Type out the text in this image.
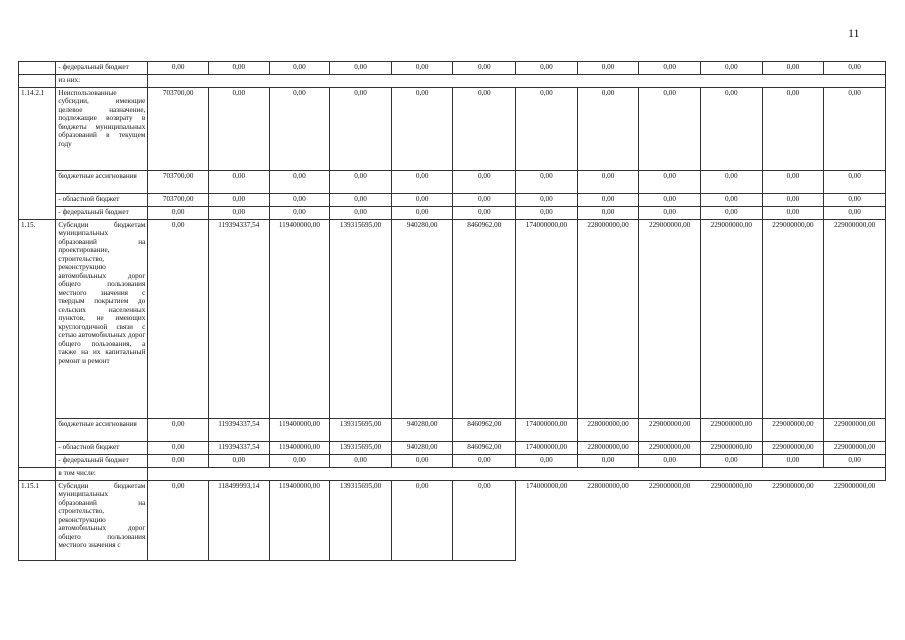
11
	- федеральный бюджет	0,00	0,00	0,00	0,00	0,00	0,00	0,00	0,00	0,00	0,00	0,00	0,00
	из них:												
1.14.2.1	Неиспользованные субсидии, имеющие целевое назначение, подлежащие возврату в бюджеты муниципальных образований в текущем году	703700,00	0,00	0,00	0,00	0,00	0,00	0,00	0,00	0,00	0,00	0,00	0,00
	бюджетные ассигнования	703700,00	0,00	0,00	0,00	0,00	0,00	0,00	0,00	0,00	0,00	0,00	0,00
	- областной бюджет	703700,00	0,00	0,00	0,00	0,00	0,00	0,00	0,00	0,00	0,00	0,00	0,00
	- федеральный бюджет	0,00	0,00	0,00	0,00	0,00	0,00	0,00	0,00	0,00	0,00	0,00	0,00
1.15.	Субсидии бюджетам муниципальных образований на проектирование, строительство, реконструкцию автомобильных дорог общего пользования местного значения с твердым покрытием до сельских населенных пунктов, не имеющих круглогодичной связи с сетью автомобильных дорог общего пользования, а также на их капитальный ремонт и ремонт	0,00	119394337,54	119400000,00	139315695,00	940280,00	8460962,00	174000000,00	228000000,00	229000000,00	229000000,00	229000000,00	229000000,00
	бюджетные ассигнования	0,00	119394337,54	119400000,00	139315695,00	940280,00	8460962,00	174000000,00	228000000,00	229000000,00	229000000,00	229000000,00	229000000,00
	- областной бюджет	0,00	119394337,54	119400000,00	139315695,00	940280,00	8460962,00	174000000,00	228000000,00	229000000,00	229000000,00	229000000,00	229000000,00
	- федеральный бюджет	0,00	0,00	0,00	0,00	0,00	0,00	0,00	0,00	0,00	0,00	0,00	0,00
	в том числе:												
1.15.1	Субсидии бюджетам муниципальных образований на строительство, реконструкцию автомобильных дорог общего пользования местного значения с	0,00	118499993,14	119400000,00	139315695,00	0,00	0,00	174000000,00	228000000,00	229000000,00	229000000,00	229000000,00	229000000,00
